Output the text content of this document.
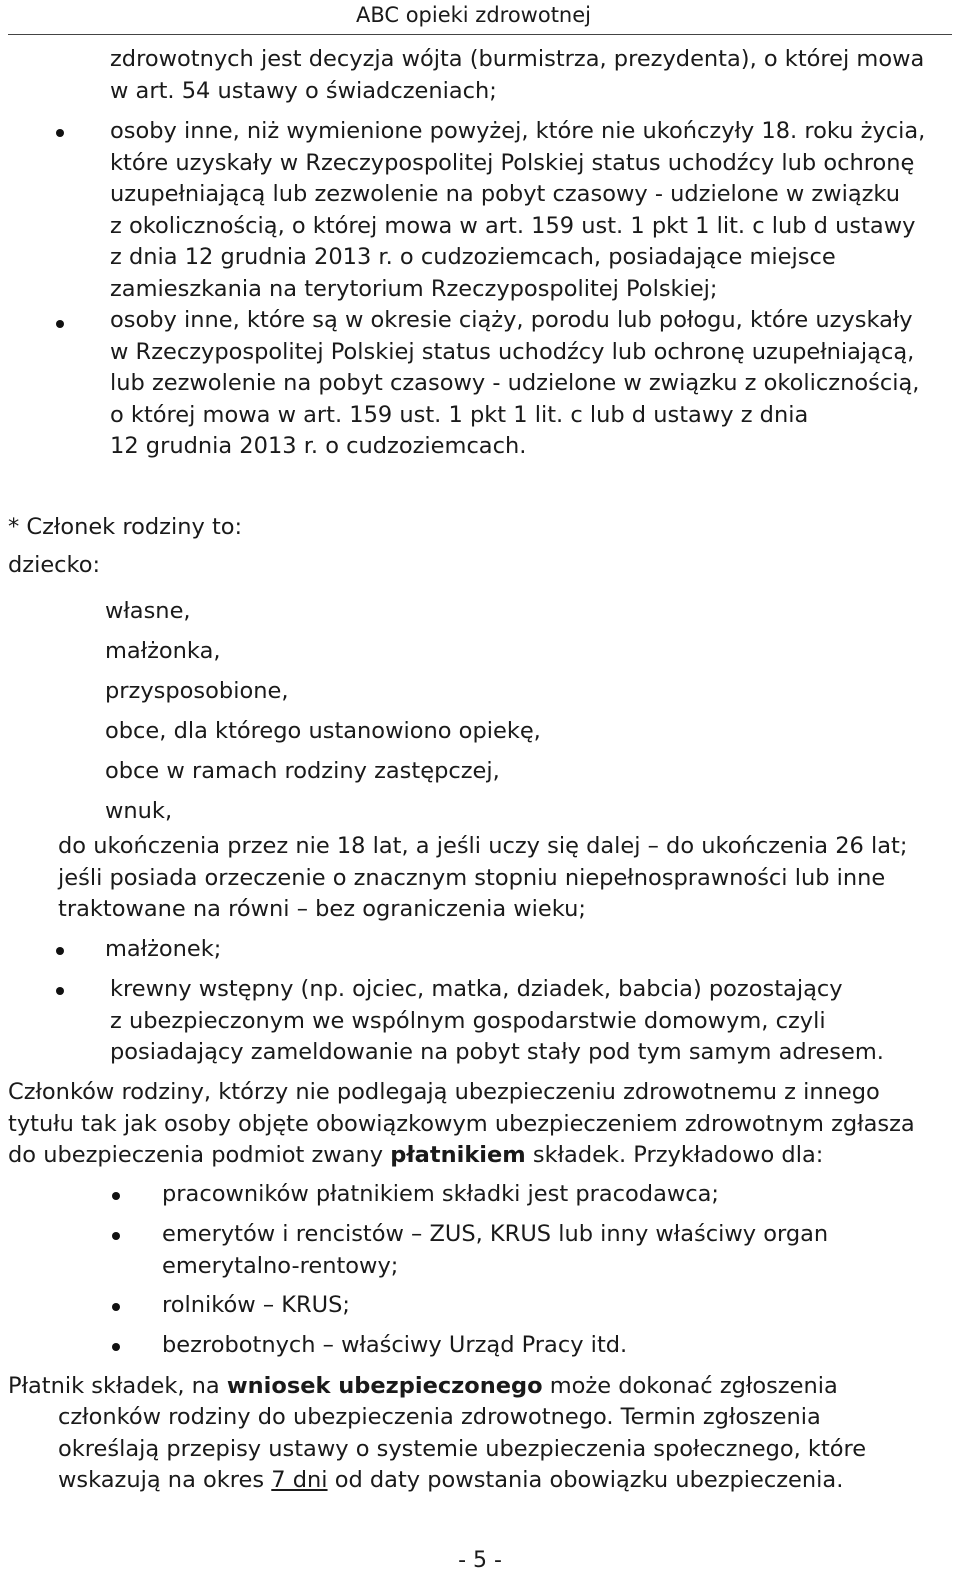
ABC opieki zdrowotnej
zdrowotnych jest decyzja wójta (burmistrza, prezydenta), o której mowa
w art. 54 ustawy o świadczeniach;
osoby inne, niż wymienione powyżej, które nie ukończyły 18. roku życia,
które uzyskały w Rzeczypospolitej Polskiej status uchodźcy lub ochronę
uzupełniającą lub zezwolenie na pobyt czasowy - udzielone w związku
z okolicznością, o której mowa w art. 159 ust. 1 pkt 1 lit. c lub d ustawy
z dnia 12 grudnia 2013 r. o cudzoziemcach, posiadające miejsce
zamieszkania na terytorium Rzeczypospolitej Polskiej;
osoby inne, które są w okresie ciąży, porodu lub połogu, które uzyskały
w Rzeczypospolitej Polskiej status uchodźcy lub ochronę uzupełniającą,
lub zezwolenie na pobyt czasowy - udzielone w związku z okolicznością,
o której mowa w art. 159 ust. 1 pkt 1 lit. c lub d ustawy z dnia
12 grudnia 2013 r. o cudzoziemcach.
* Członek rodziny to:
dziecko:
własne,
małżonka,
przysposobione,
obce, dla którego ustanowiono opiekę,
obce w ramach rodziny zastępczej,
wnuk,
do ukończenia przez nie 18 lat, a jeśli uczy się dalej – do ukończenia 26 lat;
jeśli posiada orzeczenie o znacznym stopniu niepełnosprawności lub inne
traktowane na równi – bez ograniczenia wieku;
małżonek;
krewny wstępny (np. ojciec, matka, dziadek, babcia) pozostający
z ubezpieczonym we wspólnym gospodarstwie domowym, czyli
posiadający zameldowanie na pobyt stały pod tym samym adresem.
Członków rodziny, którzy nie podlegają ubezpieczeniu zdrowotnemu z innego
tytułu tak jak osoby objęte obowiązkowym ubezpieczeniem zdrowotnym zgłasza
do ubezpieczenia podmiot zwany płatnikiem składek. Przykładowo dla:
pracowników płatnikiem składki jest pracodawca;
emerytów i rencistów – ZUS, KRUS lub inny właściwy organ
emerytalno-rentowy;
rolników – KRUS;
bezrobotnych – właściwy Urząd Pracy itd.
Płatnik składek, na wniosek ubezpieczonego może dokonać zgłoszenia
członków rodziny do ubezpieczenia zdrowotnego. Termin zgłoszenia
określają przepisy ustawy o systemie ubezpieczenia społecznego, które
wskazują na okres 7 dni od daty powstania obowiązku ubezpieczenia.
- 5 -
